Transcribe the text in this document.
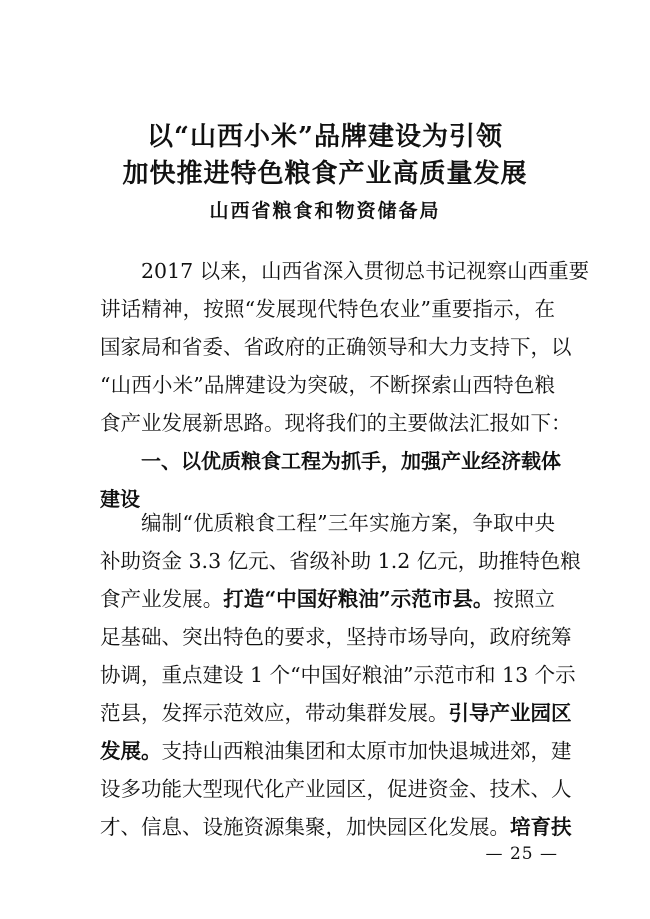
以“山西小米”品牌建设为引领
加快推进特色粮食产业高质量发展
山西省粮食和物资储备局
2017 以来，山西省深入贯彻总书记视察山西重要
讲话精神，按照“发展现代特色农业”重要指示，在
国家局和省委、省政府的正确领导和大力支持下，以
“山西小米”品牌建设为突破，不断探索山西特色粮
食产业发展新思路。现将我们的主要做法汇报如下：
一、以优质粮食工程为抓手，加强产业经济载体
建设
编制“优质粮食工程”三年实施方案，争取中央
补助资金 3.3 亿元、省级补助 1.2 亿元，助推特色粮
食产业发展。打造“中国好粮油”示范市县。按照立
足基础、突出特色的要求，坚持市场导向，政府统筹
协调，重点建设 1 个“中国好粮油”示范市和 13 个示
范县，发挥示范效应，带动集群发展。引导产业园区
发展。支持山西粮油集团和太原市加快退城进郊，建
设多功能大型现代化产业园区，促进资金、技术、人
— 25 —
才、信息、设施资源集聚，加快园区化发展。培育扶
